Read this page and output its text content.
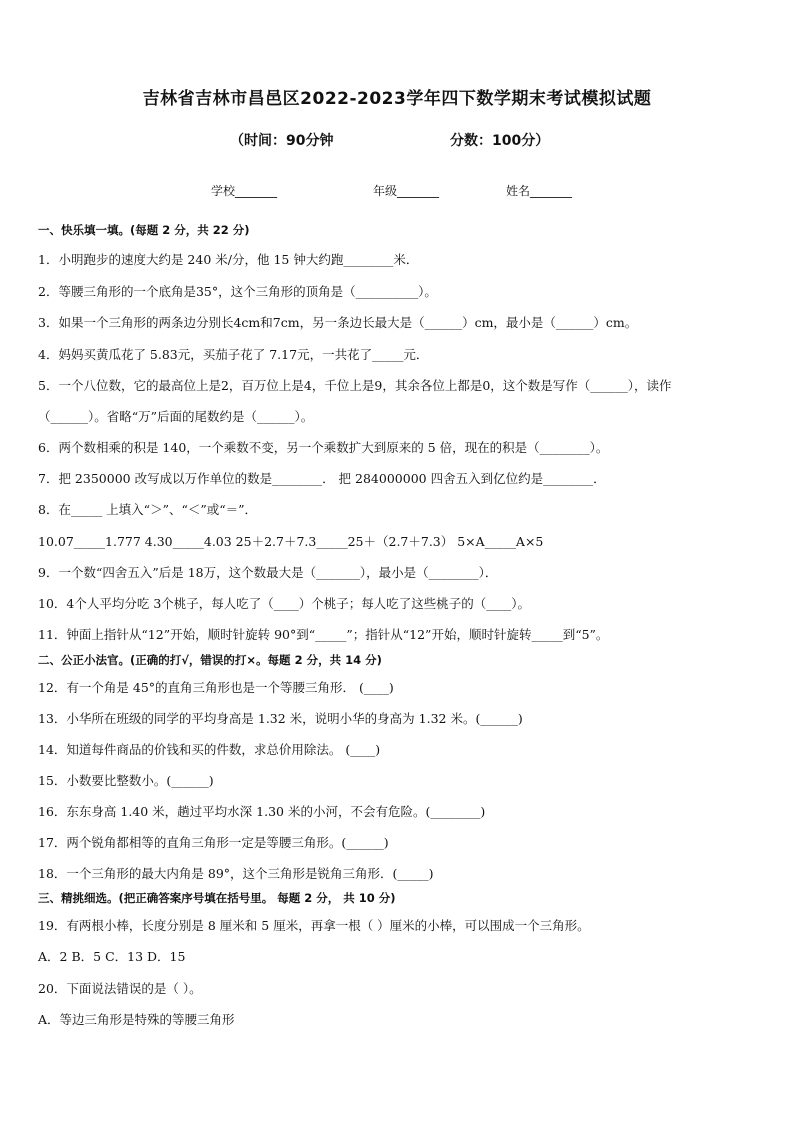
吉林省吉林市昌邑区2022-2023学年四下数学期末考试模拟试题
（时间：90分钟	分数：100分）
学校_______	年级_______	姓名_______
一、快乐填一填。(每题 2 分，共 22 分)
1．小明跑步的速度大约是 240 米/分，他 15 钟大约跑________米．
2．等腰三角形的一个底角是35°，这个三角形的顶角是（__________）。
3．如果一个三角形的两条边分别长4cm和7cm，另一条边长最大是（______）cm，最小是（______）cm。
4．妈妈买黄瓜花了 5.83元，买茄子花了 7.17元，一共花了_____元．
5．一个八位数，它的最高位上是2，百万位上是4，千位上是9，其余各位上都是0，这个数是写作（______），读作
（______）。省略“万”后面的尾数约是（______）。
6．两个数相乘的积是 140，一个乘数不变，另一个乘数扩大到原来的 5 倍，现在的积是（________）。
7．把 2350000 改写成以万作单位的数是________． 把 284000000 四舍五入到亿位约是________．
8．在_____ 上填入“＞”、“＜”或“＝”．
10.07_____1.777 4.30_____4.03 25＋2.7＋7.3_____25＋（2.7＋7.3） 5×A_____A×5
9．一个数“四舍五入”后是 18万，这个数最大是（_______），最小是（________）．
10．4个人平均分吃 3个桃子，每人吃了（____）个桃子；每人吃了这些桃子的（____）。
11．钟面上指针从“12”开始，顺时针旋转 90°到“_____”；指针从“12”开始，顺时针旋转_____到“5”。
二、公正小法官。(正确的打√，错误的打×。每题 2 分，共 14 分)
12．有一个角是 45°的直角三角形也是一个等腰三角形． (____)
13．小华所在班级的同学的平均身高是 1.32 米，说明小华的身高为 1.32 米。(______)
14．知道每件商品的价钱和买的件数，求总价用除法。 (____)
15．小数要比整数小。(______)
16．东东身高 1.40 米，趟过平均水深 1.30 米的小河，不会有危险。(________)
17．两个锐角都相等的直角三角形一定是等腰三角形。(______)
18．一个三角形的最大内角是 89°，这个三角形是锐角三角形．(_____)
三、精挑细选。(把正确答案序号填在括号里。 每题 2 分， 共 10 分)
19．有两根小棒，长度分别是 8 厘米和 5 厘米，再拿一根（ ）厘米的小棒，可以围成一个三角形。
A．2 B．5 C．13 D．15
20．下面说法错误的是（ ）。
A．等边三角形是特殊的等腰三角形
